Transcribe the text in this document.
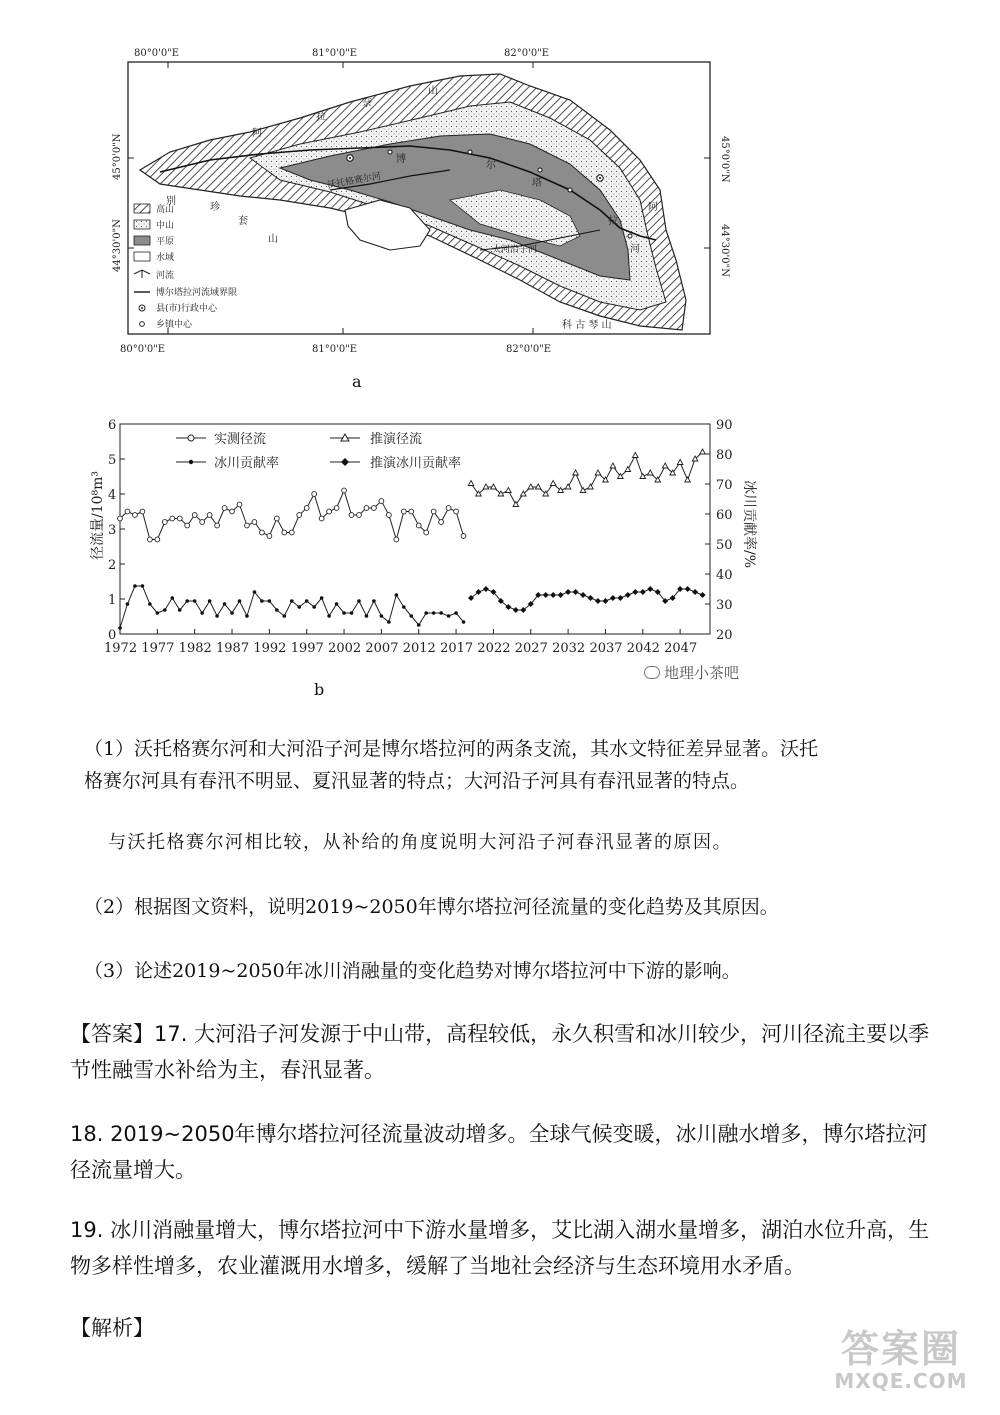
80°0'0"E	81°0'0"E	82°0'0"E
80°0'0"E	81°0'0"E	82°0'0"E
45°0'0"N
44°30'0"N
45°0'0"N
44°30'0"N
拉
奈
山
阿
博
尔
塔
拉
河
阿
别
珍
套
山
沃托格赛尔河
大河沿子河
科 古 琴 山
高山
中山
平原
水域
河流
博尔塔拉河流域界限
县(市)行政中心
乡镇中心
a
0
1
2
3
4
5
6
20
30
40
50
60
70
80
90
1972 1977 1982 1987 1992 1997 2002 2007 2012 2017 2022 2027 2032 2037 2042 2047
径流量/10⁸m³	冰川贡献率/%
实测径流	推演径流
冰川贡献率	推演冰川贡献率
b
地理小茶吧
（1）沃托格赛尔河和大河沿子河是博尔塔拉河的两条支流，其水文特征差异显著。沃托
格赛尔河具有春汛不明显、夏汛显著的特点；大河沿子河具有春汛显著的特点。
与沃托格赛尔河相比较，从补给的角度说明大河沿子河春汛显著的原因。
（2）根据图文资料，说明2019~2050年博尔塔拉河径流量的变化趋势及其原因。
（3）论述2019~2050年冰川消融量的变化趋势对博尔塔拉河中下游的影响。
【答案】17. 大河沿子河发源于中山带，高程较低，永久积雪和冰川较少，河川径流主要以季节性融雪水补给为主，春汛显著。
18. 2019~2050年博尔塔拉河径流量波动增多。全球气候变暖，冰川融水增多，博尔塔拉河径流量增大。
19. 冰川消融量增大，博尔塔拉河中下游水量增多，艾比湖入湖水量增多，湖泊水位升高，生物多样性增多，农业灌溉用水增多，缓解了当地社会经济与生态环境用水矛盾。
【解析】	答案圈
MXQE.COM
